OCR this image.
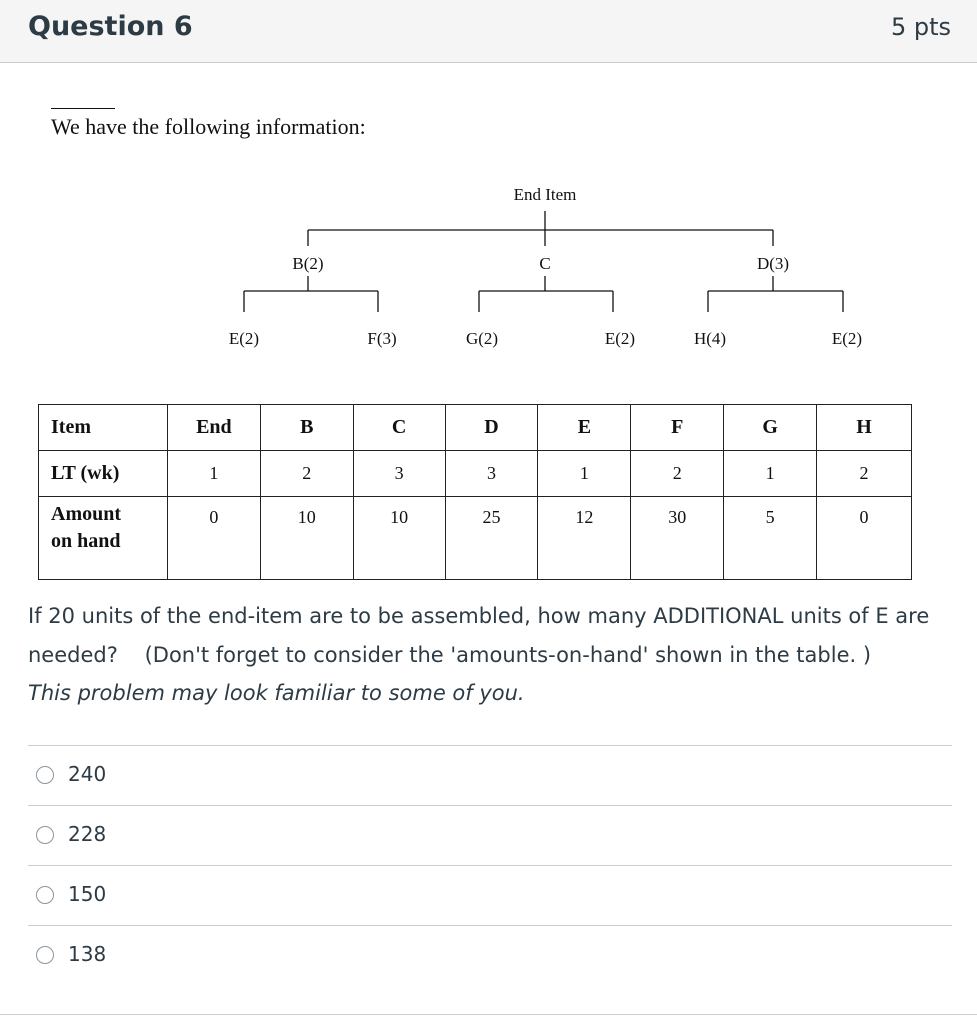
Question 6	5 pts
We have the following information:
End Item
B(2)	C	D(3)
E(2)	F(3)	G(2)	E(2)	H(4)	E(2)
Item	End	B	C	D	E	F	G	H
LT (wk)	1	2	3	3	1	2	1	2
Amount
on hand	0	10	10	25	12	30	5	0
If 20 units of the end-item are to be assembled, how many ADDITIONAL units of E are needed?    (Don't forget to consider the 'amounts-on-hand' shown in the table. )
This problem may look familiar to some of you.
240
228
150
138
